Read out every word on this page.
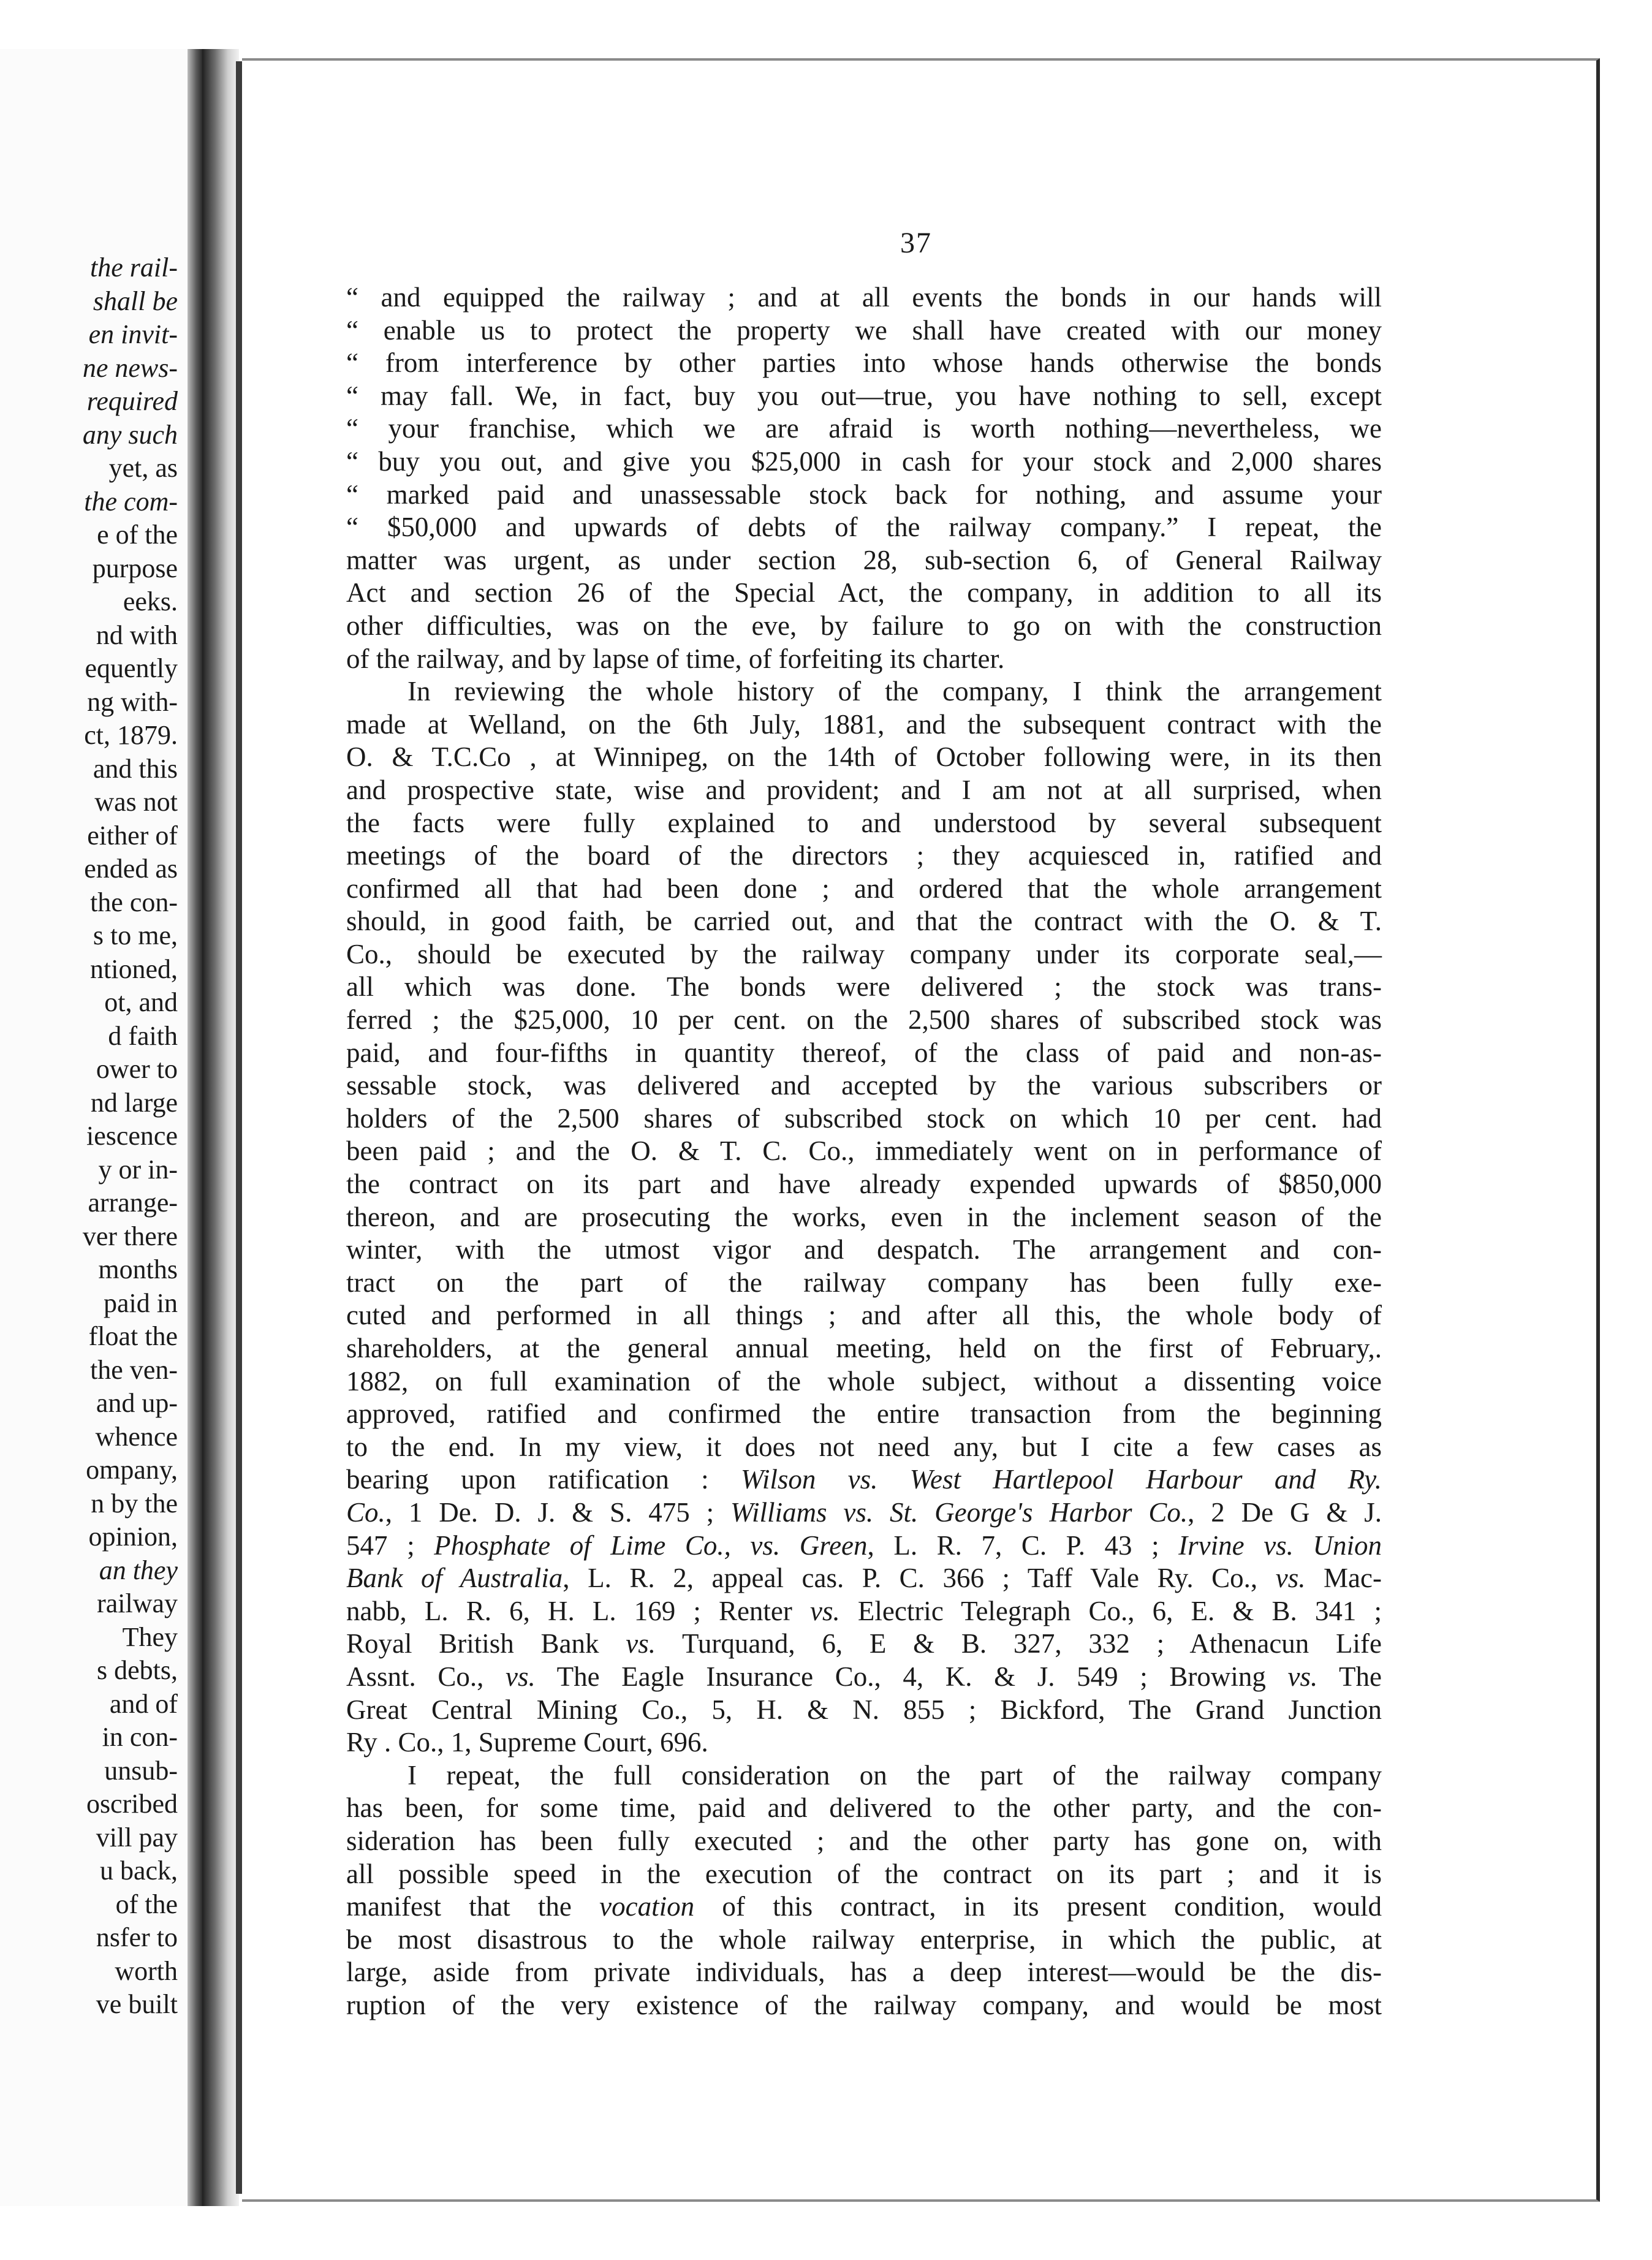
the rail-
shall be
en invit-
ne news-
required
any such
yet, as
the com-
e of the
purpose
eeks.
nd with
equently
ng with-
ct, 1879.
and this
was not
either of
ended as
the con-
s to me,
ntioned,
ot, and
d faith
ower to
nd large
iescence
y or in-
arrange-
ver there
months
paid in
float the
the ven-
and up-
whence
ompany,
n by the
opinion,
an they
railway
They
s debts,
and of
in con-
unsub-
oscribed
vill pay
u back,
of the
nsfer to
worth
ve built
37
“ and equipped the railway ; and at all events the bonds in our hands will
“ enable us to protect the property we shall have created with our money
“ from interference by other parties into whose hands otherwise the bonds
“ may fall. We, in fact, buy you out—true, you have nothing to sell, except
“ your franchise, which we are afraid is worth nothing—nevertheless, we
“ buy you out, and give you $25,000 in cash for your stock and 2,000 shares
“ marked paid and unassessable stock back for nothing, and assume your
“ $50,000 and upwards of debts of the railway company.” I repeat, the
matter was urgent, as under section 28, sub-section 6, of General Railway
Act and section 26 of the Special Act, the company, in addition to all its
other difficulties, was on the eve, by failure to go on with the construction
of the railway, and by lapse of time, of forfeiting its charter.
In reviewing the whole history of the company, I think the arrangement
made at Welland, on the 6th July, 1881, and the subsequent contract with the
O. & T.C.Co , at Winnipeg, on the 14th of October following were, in its then
and prospective state, wise and provident; and I am not at all surprised, when
the facts were fully explained to and understood by several subsequent
meetings of the board of the directors ; they acquiesced in, ratified and
confirmed all that had been done ; and ordered that the whole arrangement
should, in good faith, be carried out, and that the contract with the O. & T.
Co., should be executed by the railway company under its corporate seal,—
all which was done. The bonds were delivered ; the stock was trans-
ferred ; the $25,000, 10 per cent. on the 2,500 shares of subscribed stock was
paid, and four-fifths in quantity thereof, of the class of paid and non-as-
sessable stock, was delivered and accepted by the various subscribers or
holders of the 2,500 shares of subscribed stock on which 10 per cent. had
been paid ; and the O. & T. C. Co., immediately went on in performance of
the contract on its part and have already expended upwards of $850,000
thereon, and are prosecuting the works, even in the inclement season of the
winter, with the utmost vigor and despatch. The arrangement and con-
tract on the part of the railway company has been fully exe-
cuted and performed in all things ; and after all this, the whole body of
shareholders, at the general annual meeting, held on the first of February,.
1882, on full examination of the whole subject, without a dissenting voice
approved, ratified and confirmed the entire transaction from the beginning
to the end. In my view, it does not need any, but I cite a few cases as
bearing upon ratification : Wilson vs. West Hartlepool Harbour and Ry.
Co., 1 De. D. J. & S. 475 ; Williams vs. St. George's Harbor Co., 2 De G & J.
547 ; Phosphate of Lime Co., vs. Green, L. R. 7, C. P. 43 ; Irvine vs. Union
Bank of Australia, L. R. 2, appeal cas. P. C. 366 ; Taff Vale Ry. Co., vs. Mac-
nabb, L. R. 6, H. L. 169 ; Renter vs. Electric Telegraph Co., 6, E. & B. 341 ;
Royal British Bank vs. Turquand, 6, E & B. 327, 332 ; Athenacun Life
Assnt. Co., vs. The Eagle Insurance Co., 4, K. & J. 549 ; Browing vs. The
Great Central Mining Co., 5, H. & N. 855 ; Bickford, The Grand Junction
Ry . Co., 1, Supreme Court, 696.
I repeat, the full consideration on the part of the railway company
has been, for some time, paid and delivered to the other party, and the con-
sideration has been fully executed ; and the other party has gone on, with
all possible speed in the execution of the contract on its part ; and it is
manifest that the vocation of this contract, in its present condition, would
be most disastrous to the whole railway enterprise, in which the public, at
large, aside from private individuals, has a deep interest—would be the dis-
ruption of the very existence of the railway company, and would be most
